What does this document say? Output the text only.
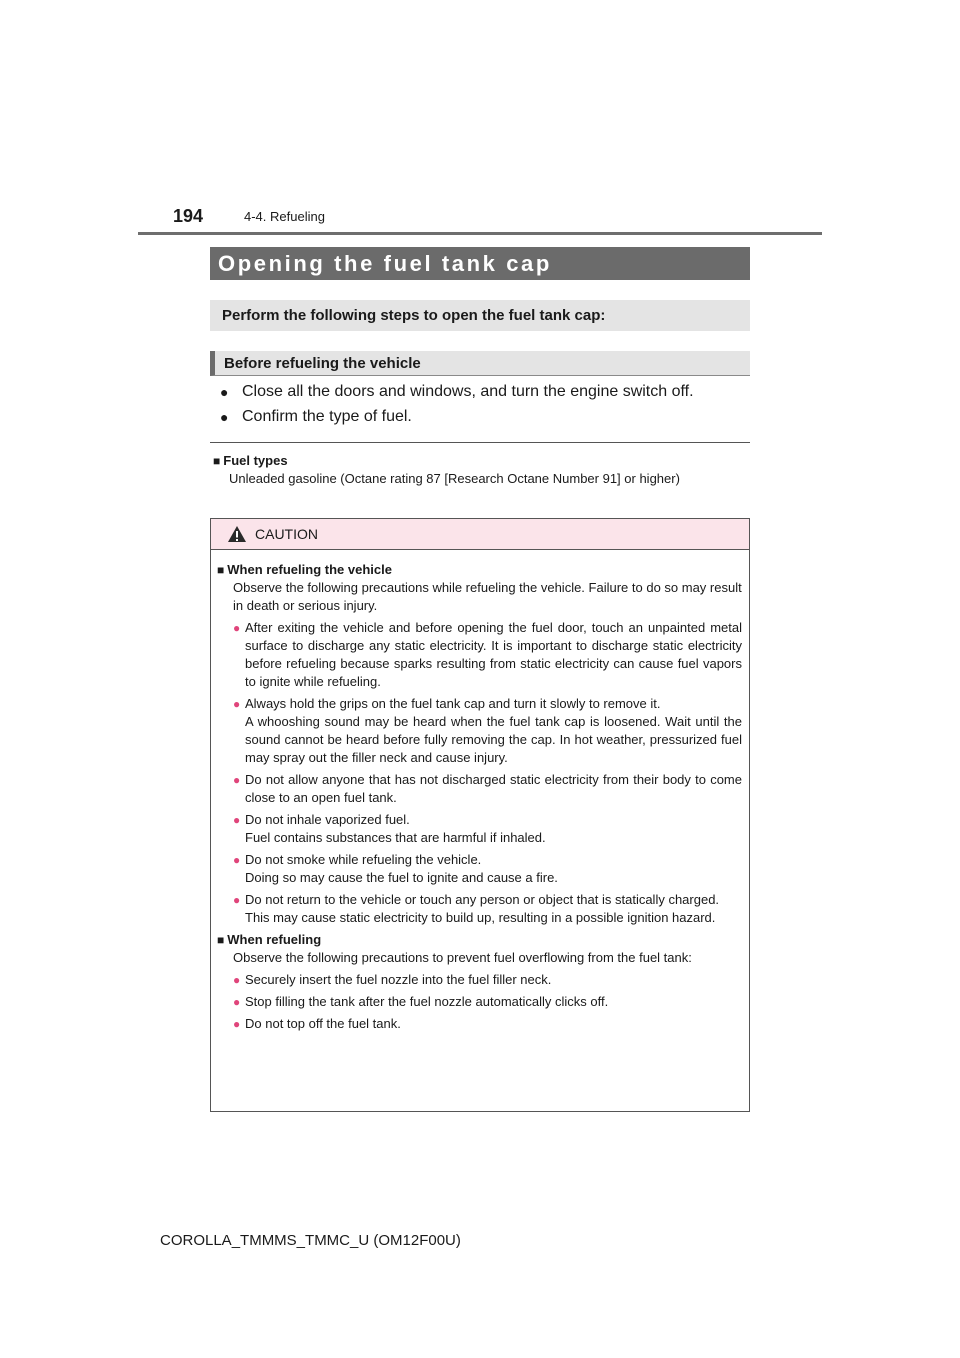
194	4-4. Refueling
Opening the fuel tank cap
Perform the following steps to open the fuel tank cap:
Before refueling the vehicle
● Close all the doors and windows, and turn the engine switch off.
● Confirm the type of fuel.
■ Fuel types
Unleaded gasoline (Octane rating 87 [Research Octane Number 91] or higher)
CAUTION
■ When refueling the vehicle
Observe the following precautions while refueling the vehicle. Failure to do so may result in death or serious injury.
● After exiting the vehicle and before opening the fuel door, touch an unpainted metal surface to discharge any static electricity. It is important to discharge static electricity before refueling because sparks resulting from static electricity can cause fuel vapors to ignite while refueling.
● Always hold the grips on the fuel tank cap and turn it slowly to remove it.
A whooshing sound may be heard when the fuel tank cap is loosened. Wait until the sound cannot be heard before fully removing the cap. In hot weather, pressurized fuel may spray out the filler neck and cause injury.
● Do not allow anyone that has not discharged static electricity from their body to come close to an open fuel tank.
● Do not inhale vaporized fuel.
Fuel contains substances that are harmful if inhaled.
● Do not smoke while refueling the vehicle.
Doing so may cause the fuel to ignite and cause a fire.
● Do not return to the vehicle or touch any person or object that is statically charged.
This may cause static electricity to build up, resulting in a possible ignition hazard.
■ When refueling
Observe the following precautions to prevent fuel overflowing from the fuel tank:
● Securely insert the fuel nozzle into the fuel filler neck.
● Stop filling the tank after the fuel nozzle automatically clicks off.
● Do not top off the fuel tank.
COROLLA_TMMMS_TMMC_U (OM12F00U)
